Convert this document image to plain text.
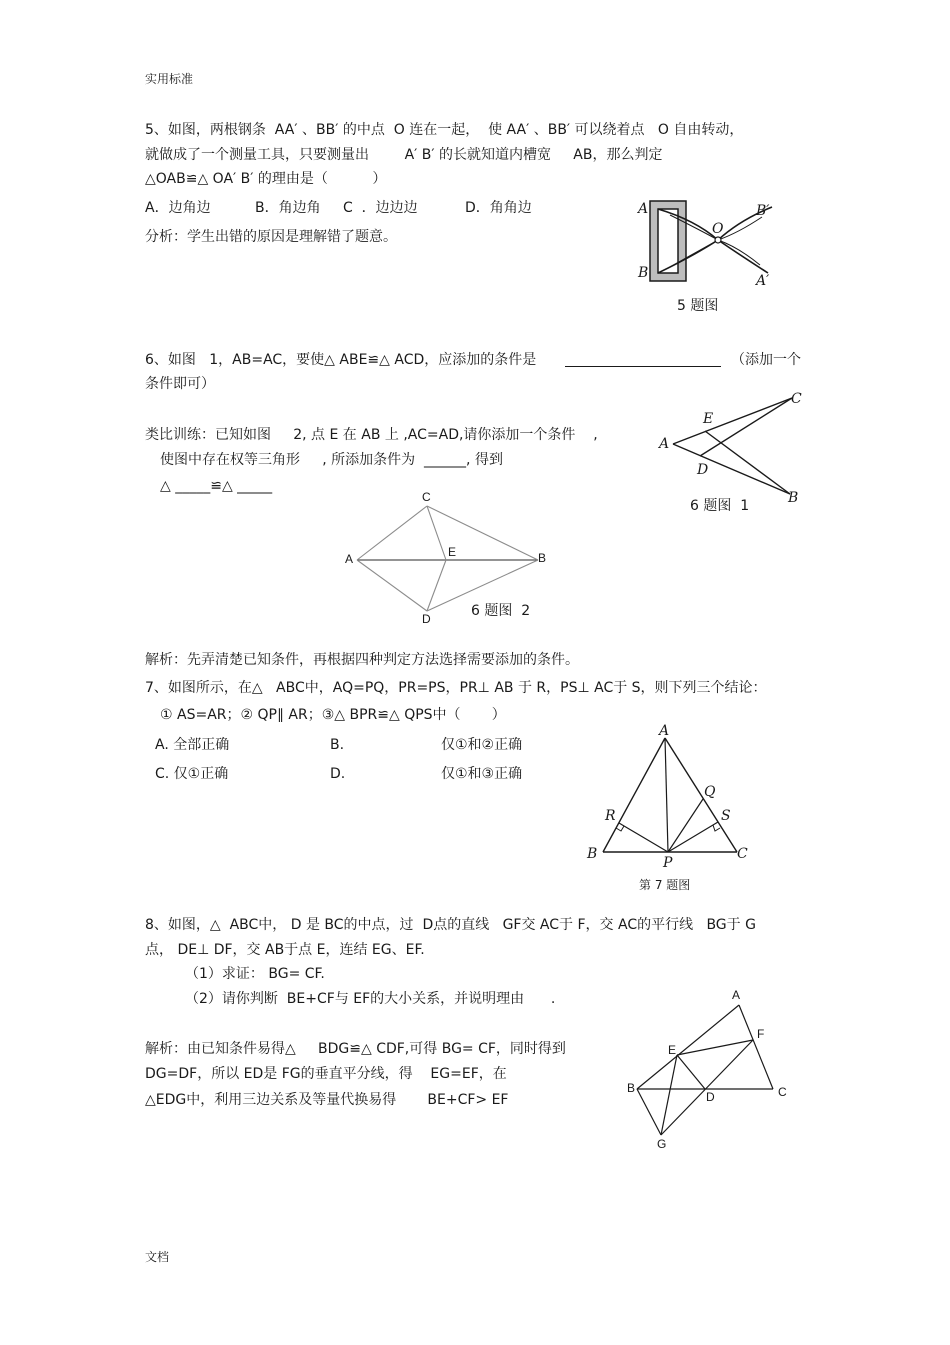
实用标准

文档

5、如图，两根钢条  AA′ 、BB′ 的中点  O 连在一起，  使 AA′ 、BB′ 可以绕着点   O 自由转动，

就做成了一个测量工具，只要测量出        A′ B′ 的长就知道内槽宽     AB，那么判定

△OAB≌△ OA′ B′ 的理由是（          ）

A．边角边	B．角边角 C  ．边边边	D．角角边

分析：学生出错的原因是理解错了题意。

A
B
O
B′
A′

5 题图

6、如图   1，AB=AC，要使△ ABE≌△ ACD，应添加的条件是	（添加一个

条件即可）

类比训练：已知如图     2, 点 E 在 AB 上 ,AC=AD,请你添加一个条件    ,

使图中存在权等三角形     , 所添加条件为  ______, 得到

△ _____≌△ _____

A
E
D
C
B

6 题图  1

A	B
C
D
E

6 题图  2

解析：先弄清楚已知条件，再根据四种判定方法选择需要添加的条件。

7、如图所示，在△   ABC中，AQ=PQ，PR=PS，PR⊥ AB 于 R，PS⊥ AC于 S，则下列三个结论：

① AS=AR；② QP∥ AR；③△ BPR≌△ QPS中（       ）

A. 全部正确	B.	仅①和②正确

C. 仅①正确	D.	仅①和③正确

A
B	C
P
Q
R	S

第 7 题图

8、如图，△  ABC中， D 是 BC的中点，过  D点的直线   GF交 AC于 F，交 AC的平行线   BG于 G

点， DE⊥ DF，交 AB于点 E，连结 EG、EF.

（1）求证： BG= CF.

（2）请你判断  BE+CF与 EF的大小关系，并说明理由      .

解析：由已知条件易得△     BDG≌△ CDF,可得 BG= CF，同时得到

DG=DF，所以 ED是 FG的垂直平分线，得    EG=EF，在

△EDG中，利用三边关系及等量代换易得       BE+CF> EF

A
B	C
D
E
F
G
